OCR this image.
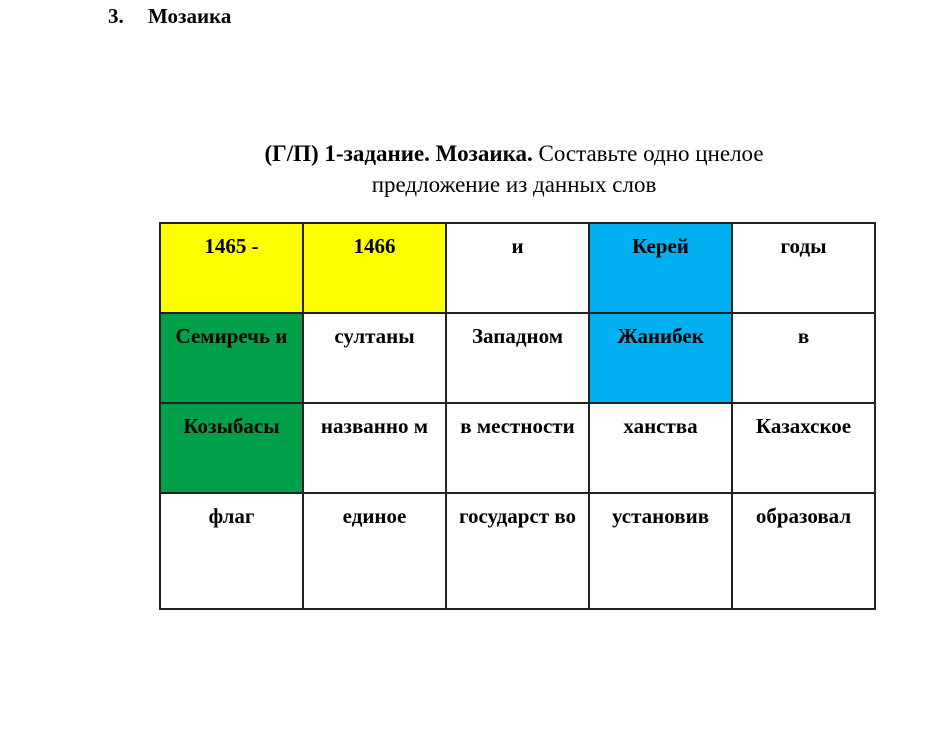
3. Мозаика
(Г/П) 1-задание. Мозаика. Составьте одно цнелое
предложение из данных слов
1465 -	1466	и	Керей	годы
Семиречь и	султаны	Западном	Жанибек	в
Козыбасы	названно м	в местности	ханства	Казахское
флаг	единое	государст во	установив	образовал
